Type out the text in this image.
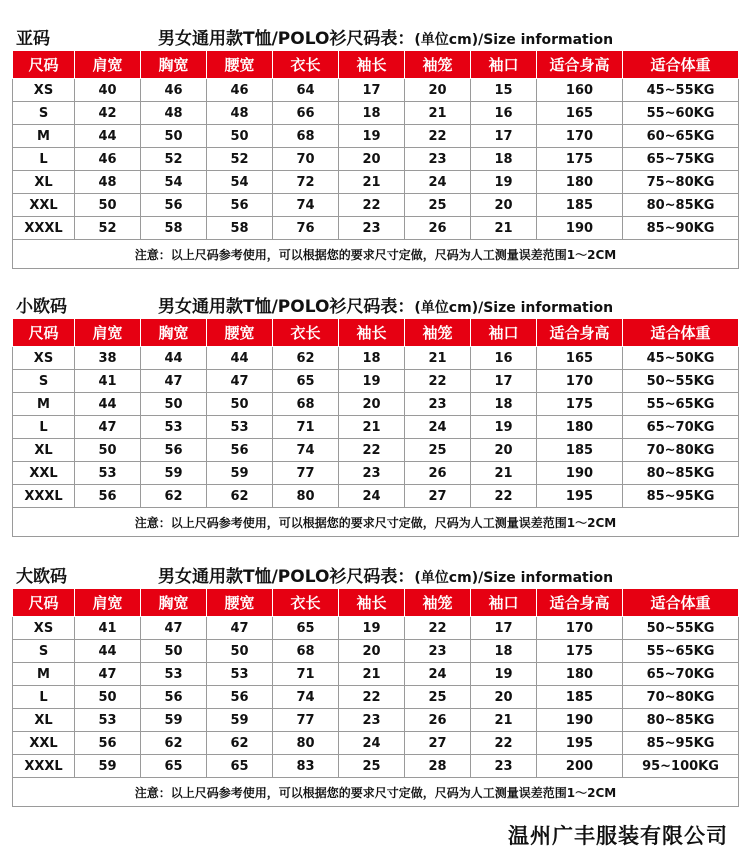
亚码	男女通用款T恤/POLO衫尺码表：(单位cm)/Size information
尺码	肩宽	胸宽	腰宽	衣长	袖长	袖笼	袖口	适合身高	适合体重
XS	40	46	46	64	17	20	15	160	45~55KG
S	42	48	48	66	18	21	16	165	55~60KG
M	44	50	50	68	19	22	17	170	60~65KG
L	46	52	52	70	20	23	18	175	65~75KG
XL	48	54	54	72	21	24	19	180	75~80KG
XXL	50	56	56	74	22	25	20	185	80~85KG
XXXL	52	58	58	76	23	26	21	190	85~90KG
注意：以上尺码参考使用，可以根据您的要求尺寸定做，尺码为人工测量误差范围1～2CM									
小欧码	男女通用款T恤/POLO衫尺码表：(单位cm)/Size information
尺码	肩宽	胸宽	腰宽	衣长	袖长	袖笼	袖口	适合身高	适合体重
XS	38	44	44	62	18	21	16	165	45~50KG
S	41	47	47	65	19	22	17	170	50~55KG
M	44	50	50	68	20	23	18	175	55~65KG
L	47	53	53	71	21	24	19	180	65~70KG
XL	50	56	56	74	22	25	20	185	70~80KG
XXL	53	59	59	77	23	26	21	190	80~85KG
XXXL	56	62	62	80	24	27	22	195	85~95KG
注意：以上尺码参考使用，可以根据您的要求尺寸定做，尺码为人工测量误差范围1～2CM									
大欧码	男女通用款T恤/POLO衫尺码表：(单位cm)/Size information
尺码	肩宽	胸宽	腰宽	衣长	袖长	袖笼	袖口	适合身高	适合体重
XS	41	47	47	65	19	22	17	170	50~55KG
S	44	50	50	68	20	23	18	175	55~65KG
M	47	53	53	71	21	24	19	180	65~70KG
L	50	56	56	74	22	25	20	185	70~80KG
XL	53	59	59	77	23	26	21	190	80~85KG
XXL	56	62	62	80	24	27	22	195	85~95KG
XXXL	59	65	65	83	25	28	23	200	95~100KG
注意：以上尺码参考使用，可以根据您的要求尺寸定做，尺码为人工测量误差范围1～2CM									
温州广丰服装有限公司
